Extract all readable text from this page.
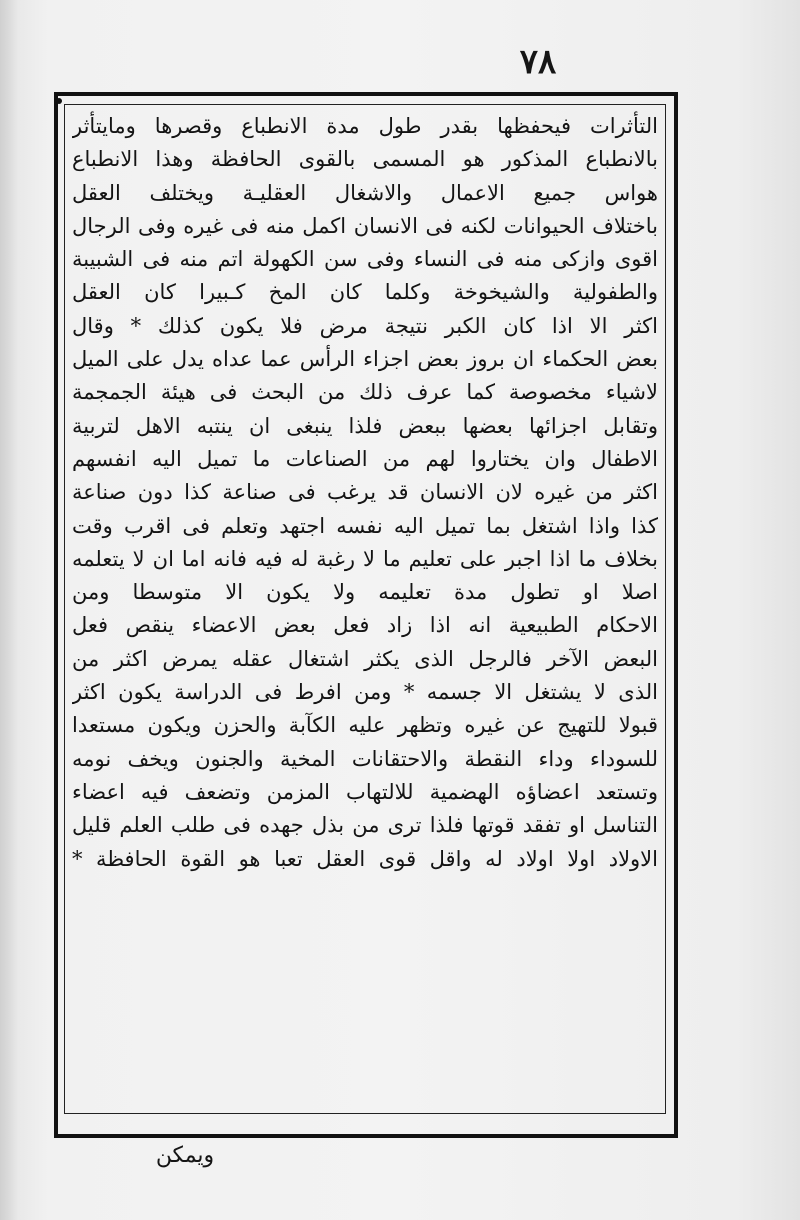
٧٨
التأثرات فيحفظها بقدر طول مدة الانطباع وقصرها ومايتأثر
بالانطباع المذكور هو المسمى بالقوى الحافظة وهذا الانطباع
هواس جميع الاعمال والاشغال العقليـة ويختلف العقل
باختلاف الحيوانات لكنه فى الانسان اكمل منه فى غيره وفى الرجال
اقوى وازكى منه فى النساء وفى سن الكهولة اتم منه فى الشبيبة
والطفولية والشيخوخة وكلما كان المخ كـبيرا كان العقل
اكثر الا اذا كان الكبر نتيجة مرض فلا يكون كذلك * وقال
بعض الحكماء ان بروز بعض اجزاء الرأس عما عداه يدل على الميل
لاشياء مخصوصة كما عرف ذلك من البحث فى هيئة الجمجمة
وتقابل اجزائها بعضها ببعض فلذا ينبغى ان ينتبه الاهل لتربية
الاطفال وان يختاروا لهم من الصناعات ما تميل اليه انفسهم
اكثر من غيره لان الانسان قد يرغب فى صناعة كذا دون صناعة
كذا واذا اشتغل بما تميل اليه نفسه اجتهد وتعلم فى اقرب وقت
بخلاف ما اذا اجبر على تعليم ما لا رغبة له فيه فانه اما ان لا يتعلمه
اصلا او تطول مدة تعليمه ولا يكون الا متوسطا ومن
الاحكام الطبيعية انه اذا زاد فعل بعض الاعضاء ينقص فعل
البعض الآخر فالرجل الذى يكثر اشتغال عقله يمرض اكثر من
الذى لا يشتغل الا جسمه * ومن افرط فى الدراسة يكون اكثر
قبولا للتهيج عن غيره وتظهر عليه الكآبة والحزن ويكون مستعدا
للسوداء وداء النقطة والاحتقانات المخية والجنون ويخف نومه
وتستعد اعضاؤه الهضمية للالتهاب المزمن وتضعف فيه اعضاء
التناسل او تفقد قوتها فلذا ترى من بذل جهده فى طلب العلم قليل
الاولاد اولا اولاد له واقل قوى العقل تعبا هو القوة الحافظة *
ويمكن
